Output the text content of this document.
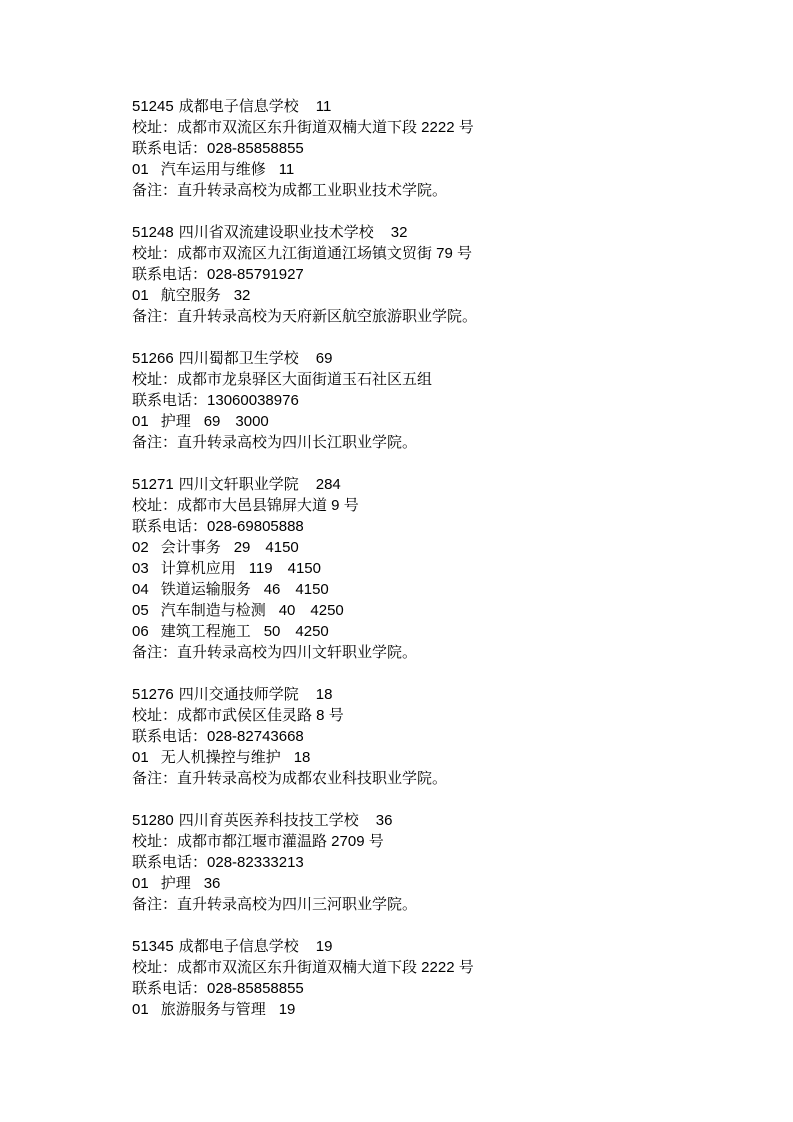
51245 成都电子信息学校 11
校址：成都市双流区东升街道双楠大道下段 2222 号
联系电话：028-85858855
01 汽车运用与维修 11
备注：直升转录高校为成都工业职业技术学院。
51248 四川省双流建设职业技术学校 32
校址：成都市双流区九江街道通江场镇文贸街 79 号
联系电话：028-85791927
01 航空服务 32
备注：直升转录高校为天府新区航空旅游职业学院。
51266 四川蜀都卫生学校 69
校址：成都市龙泉驿区大面街道玉石社区五组
联系电话：13060038976
01 护理 69 3000
备注：直升转录高校为四川长江职业学院。
51271 四川文轩职业学院 284
校址：成都市大邑县锦屏大道 9 号
联系电话：028-69805888
02 会计事务 29 4150
03 计算机应用 119 4150
04 铁道运输服务 46 4150
05 汽车制造与检测 40 4250
06 建筑工程施工 50 4250
备注：直升转录高校为四川文轩职业学院。
51276 四川交通技师学院 18
校址：成都市武侯区佳灵路 8 号
联系电话：028-82743668
01 无人机操控与维护 18
备注：直升转录高校为成都农业科技职业学院。
51280 四川育英医养科技技工学校 36
校址：成都市都江堰市灌温路 2709 号
联系电话：028-82333213
01 护理 36
备注：直升转录高校为四川三河职业学院。
51345 成都电子信息学校 19
校址：成都市双流区东升街道双楠大道下段 2222 号
联系电话：028-85858855
01 旅游服务与管理 19
